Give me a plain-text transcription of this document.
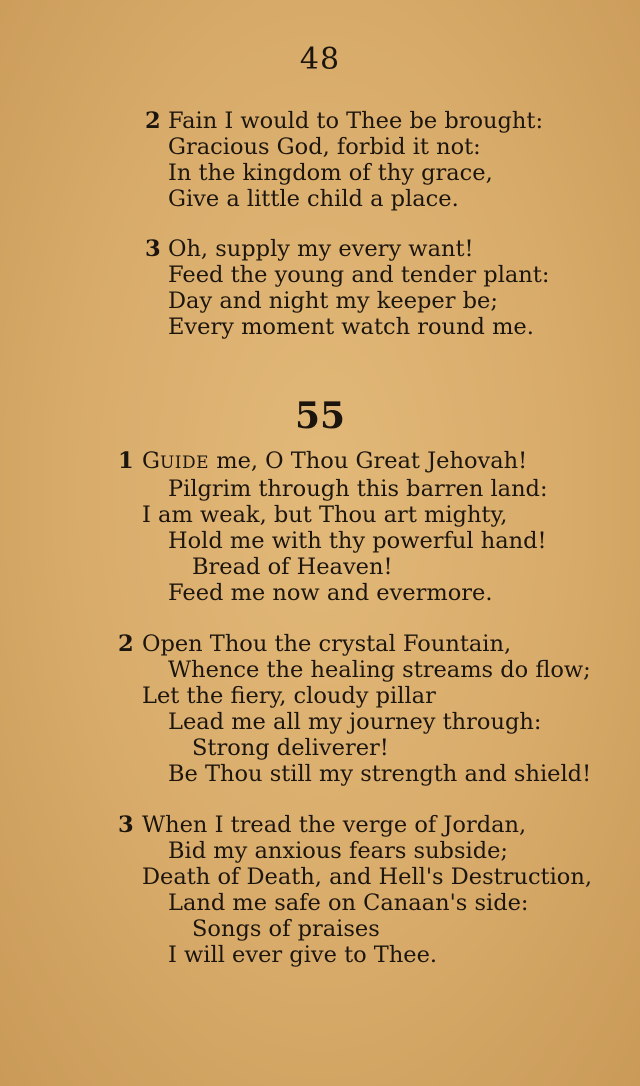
48
2 Fain I would to Thee be brought:
Gracious God, forbid it not:
In the kingdom of thy grace,
Give a little child a place.
3 Oh, supply my every want!
Feed the young and tender plant:
Day and night my keeper be;
Every moment watch round me.
55
1 GUIDE me, O Thou Great Jehovah!
Pilgrim through this barren land:
I am weak, but Thou art mighty,
Hold me with thy powerful hand!
Bread of Heaven!
Feed me now and evermore.
2 Open Thou the crystal Fountain,
Whence the healing streams do flow;
Let the fiery, cloudy pillar
Lead me all my journey through:
Strong deliverer!
Be Thou still my strength and shield!
3 When I tread the verge of Jordan,
Bid my anxious fears subside;
Death of Death, and Hell's Destruction,
Land me safe on Canaan's side:
Songs of praises
I will ever give to Thee.
